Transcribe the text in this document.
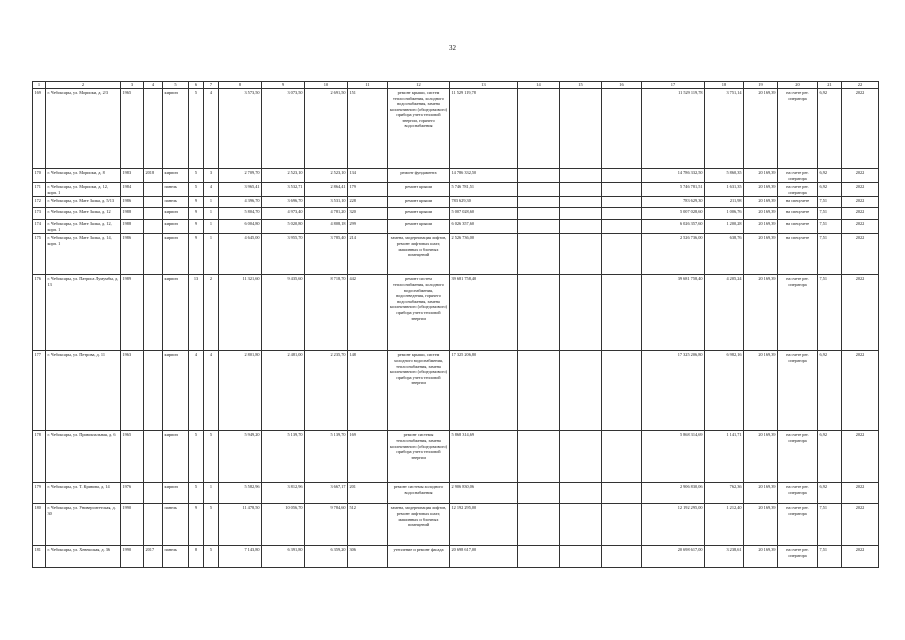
32
1	2	3	4	5	6	7	8	9	10	11	12	13	14	15	16	17	18	19	20	21	22
169	г. Чебоксары, ул. Мориоки, д. 2/3	1965		кирпич	5	4	3 573,50	3 073,50	2 691,50	151	ремонт крыши, систем теплоснабжения, холодного водоснабжения, замена коллективного (общедомового) прибора учета тепловой энергии, горячего водоснабжения	11 529 119,78				11 529 119,78	3 751,14	20 169,39	на счете рег. оператора	6,92	2022
170	г. Чебоксары, ул. Мориоки, д. 8	1983	2018	кирпич	5	3	2 709,70	2 523,10	2 523,10	134	ремонт фундамента	14 786 332,50				14 786 332,50	5 860,35	20 169,39	на счете рег. оператора	6,92	2022
171	г. Чебоксары, ул. Мориоки, д. 12, корп. 1	1984		панель	5	4	3 965,41	3 532,71	2 864,41	179	ремонт крыши	5 746 781,51				5 746 781,51	1 631,35	20 169,39	на счете рег. оператора	6,92	2022
172	г. Чебоксары, ул. Мате Залка, д. 5/13	1986		панель	9	1	4 396,70	3 696,70	3 531,10	228	ремонт крыши	783 629,30				783 629,30	211,98	20 169,39	на спецсчете	7,51	2022
173	г. Чебоксары, ул. Мате Залка, д. 12	1988		кирпич	9	1	5 804,70	4 973,40	4 781,20	320	ремонт крыши	5 007 028,60				5 007 028,60	1 006,76	20 169,39	на спецсчете	7,51	2022
174	г. Чебоксары, ул. Мате Залка, д. 12, корп. 1	1988		кирпич	9	1	6 004,80	5 020,80	4 808,18	299	ремонт крыши	6 026 357,60				6 026 357,60	1 200,28	20 169,39	на спецсчете	7,51	2022
175	г. Чебоксары, ул. Мате Залка, д. 14, корп. 1	1986		кирпич	9	1	4 645,00	3 955,70	3 785,40	214	замена, модернизация лифтов, ремонт лифтовых шахт, машинных и блочных помещений	2 526 736,00				2 526 736,00	638,76	20 169,39	на спецсчете	7,51	2022
176	г. Чебоксары, ул. Патриса Лумумбы, д. 13	1989		кирпич	13	2	11 321,60	9 435,60	8 718,70	442	ремонт систем теплоснабжения, холодного водоснабжения, водоотведения, горячего водоснабжения, замена коллективного (общедомового) прибора учета тепловой энергии	39 681 758,40				39 681 758,40	4 205,24	20 169,39	на счете рег. оператора	7,51	2022
177	г. Чебоксары, ул. Петрова, д. 11	1963		кирпич	4	4	2 801,80	2 481,00	2 235,70	148	ремонт крыши, систем холодного водоснабжения, теплоснабжения, замена коллективного (общедомового) прибора учета тепловой энергии	17 325 206,80				17 325 206,80	6 982,16	20 169,39	на счете рег. оператора	6,92	2022
178	г. Чебоксары, ул. Привокзальная, д. 6	1965		кирпич	5	5	5 949,20	5 139,70	5 139,70	169	ремонт системы теплоснабжения, замена коллективного (общедомового) прибора учета тепловой энергии	5 868 314,69				5 868 314,69	1 141,71	20 169,39	на счете рег. оператора	6,92	2022
179	г. Чебоксары, ул. Т. Кривова, д. 14	1976		кирпич	5	1	5 582,96	3 812,96	3 667,17	201	ремонт системы холодного водоснабжения	2 906 830,06				2 906 830,06	762,36	20 169,39	на счете рег. оператора	6,92	2022
180	г. Чебоксары, ул. Университетская, д. 30	1990		панель	9	5	11 478,50	10 056,70	9 784,60	512	замена, модернизация лифтов, ремонт лифтовых шахт, машинных и блочных помещений	12 192 295,00				12 192 295,00	1 212,40	20 169,39	на счете рег. оператора	7,51	2022
181	г. Чебоксары, ул. Хевешская, д. 36	1990	2017	панель	8	5	7 143,80	6 391,80	6 359,20	306	утепление и ремонт фасада	20 698 617,00				20 698 617,00	3 238,61	20 169,39	на счете рег. оператора	7,51	2022
